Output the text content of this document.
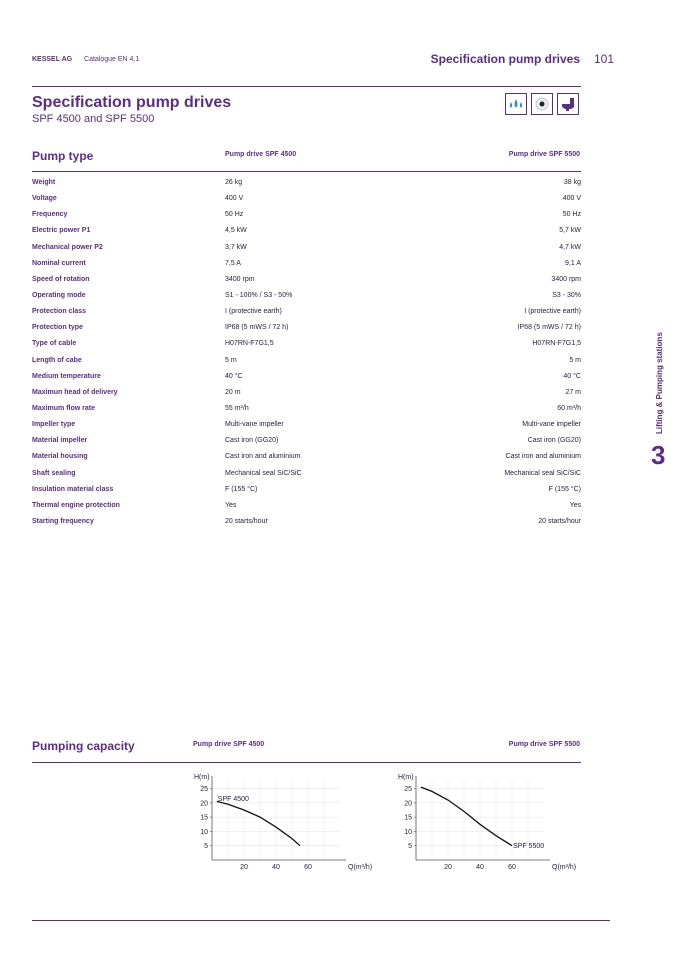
KESSEL AG Catalogue EN 4.1	Specification pump drives 101
Specification pump drives
SPF 4500 and SPF 5500
Pump type	Pump drive SPF 4500	Pump drive SPF 5500
Weight	26 kg	38 kg
Voltage	400 V	400 V
Frequency	50 Hz	50 Hz
Electric power P1	4,5 kW	5,7 kW
Mechanical power P2	3,7 kW	4,7 kW
Nominal current	7,5 A	9,1 A
Speed of rotation	3400 rpm	3400 rpm
Operating mode	S1 - 100% / S3 - 50%	S3 - 30%
Protection class	I (protective earth)	I (protective earth)
Protection type	IP68 (5 mWS / 72 h)	IP68 (5 mWS / 72 h)
Type of cable	H07RN-F7G1,5	H07RN-F7G1,5
Length of cabe	5 m	5 m
Medium temperature	40 °C	40 °C
Maximun head of delivery	20 m	27 m
Maximum flow rate	55 m³/h	60 m³/h
Impeller type	Multi-vane impeller	Multi-vane impeller
Material impeller	Cast iron (GG20)	Cast iron (GG20)
Material housing	Cast iron and aluminium	Cast iron and aluminium
Shaft sealing	Mechanical seal SiC/SiC	Mechanical seal SiC/SiC
Insulation material class	F (155 °C)	F (155 °C)
Thermal engine protection	Yes	Yes
Starting frequency	20 starts/hour	20 starts/hour
Lifting & Pumping stations
3
Pumping capacity	Pump drive SPF 4500	Pump drive SPF 5500
5
10
15
20
25
20	40	60
H(m)
Q(m³/h)
SPF 4500
5
10
15
20
25
20	40	60
H(m)
Q(m³/h)
SPF 5500
